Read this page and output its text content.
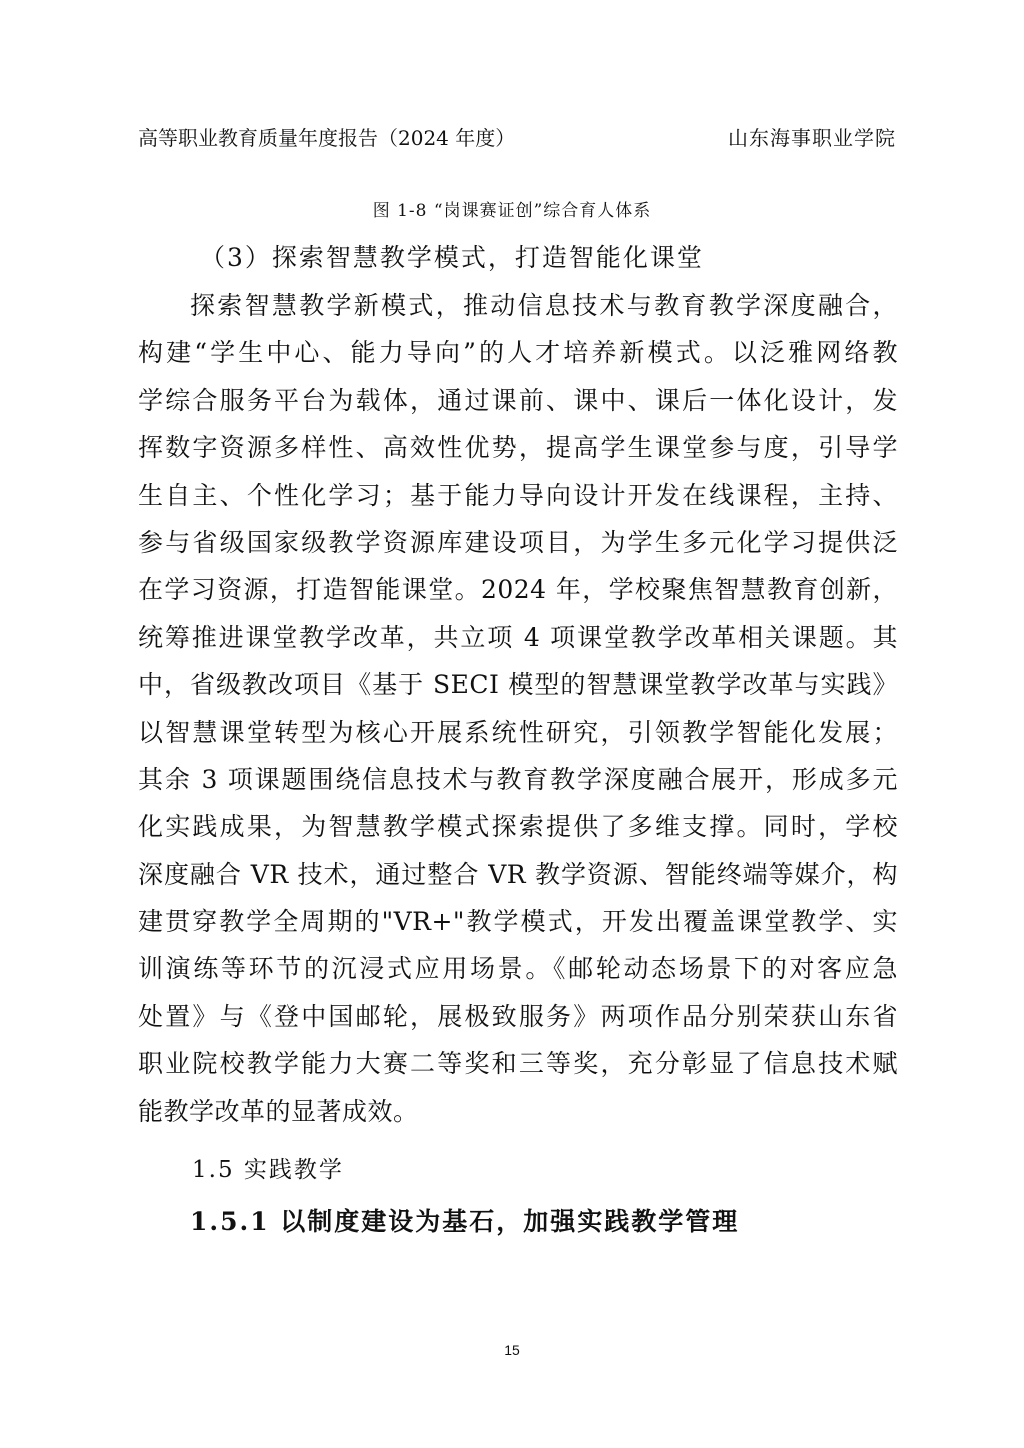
高等职业教育质量年度报告（2024 年度）	山东海事职业学院
图 1-8 “岗课赛证创”综合育人体系
（3）探索智慧教学模式，打造智能化课堂
探索智慧教学新模式，推动信息技术与教育教学深度融合，
构建“学生中心、能力导向”的人才培养新模式。以泛雅网络教
学综合服务平台为载体，通过课前、课中、课后一体化设计，发
挥数字资源多样性、高效性优势，提高学生课堂参与度，引导学
生自主、个性化学习；基于能力导向设计开发在线课程，主持、
参与省级国家级教学资源库建设项目，为学生多元化学习提供泛
在学习资源，打造智能课堂。2024 年，学校聚焦智慧教育创新，
统筹推进课堂教学改革，共立项 4 项课堂教学改革相关课题。其
中，省级教改项目《基于 SECI 模型的智慧课堂教学改革与实践》
以智慧课堂转型为核心开展系统性研究，引领教学智能化发展；
其余 3 项课题围绕信息技术与教育教学深度融合展开，形成多元
化实践成果，为智慧教学模式探索提供了多维支撑。同时，学校
深度融合 VR 技术，通过整合 VR 教学资源、智能终端等媒介，构
建贯穿教学全周期的"VR+"教学模式，开发出覆盖课堂教学、实
训演练等环节的沉浸式应用场景。《邮轮动态场景下的对客应急
处置》与《登中国邮轮，展极致服务》两项作品分别荣获山东省
职业院校教学能力大赛二等奖和三等奖，充分彰显了信息技术赋
能教学改革的显著成效。
1.5 实践教学
1.5.1 以制度建设为基石，加强实践教学管理
15
